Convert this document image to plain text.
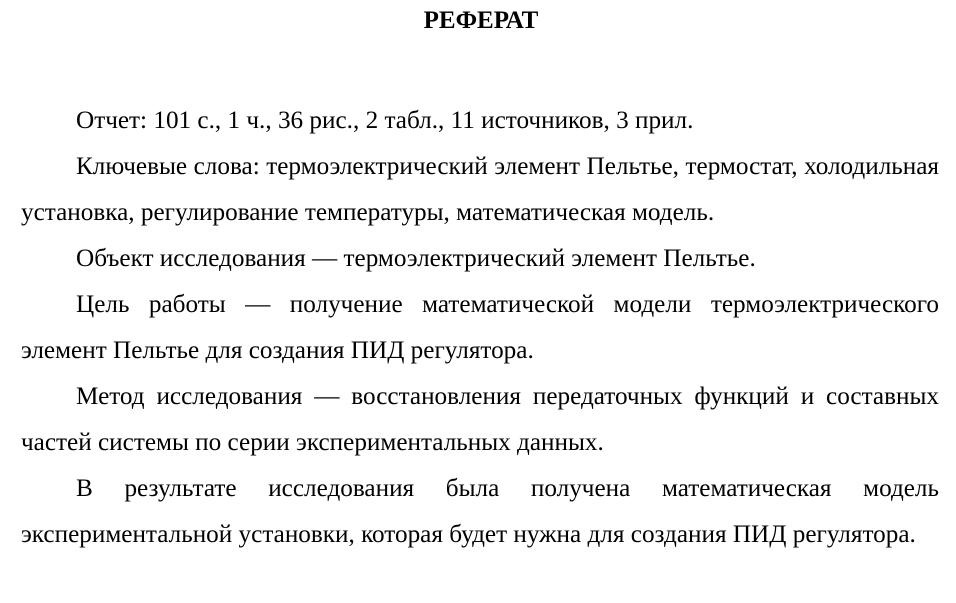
РЕФЕРАТ

Отчет: 101 с., 1 ч., 36 рис., 2 табл., 11 источников, 3 прил.

Ключевые слова: термоэлектрический элемент Пельтье, термостат, холодильная установка, регулирование температуры, математическая модель.

Объект исследования — термоэлектрический элемент Пельтье.

Цель работы — получение математической модели термоэлектрического элемент Пельтье для создания ПИД регулятора.

Метод исследования — восстановления передаточных функций и составных частей системы по серии экспериментальных данных.

В результате исследования была получена математическая модель экспериментальной установки, которая будет нужна для создания ПИД регулятора.
